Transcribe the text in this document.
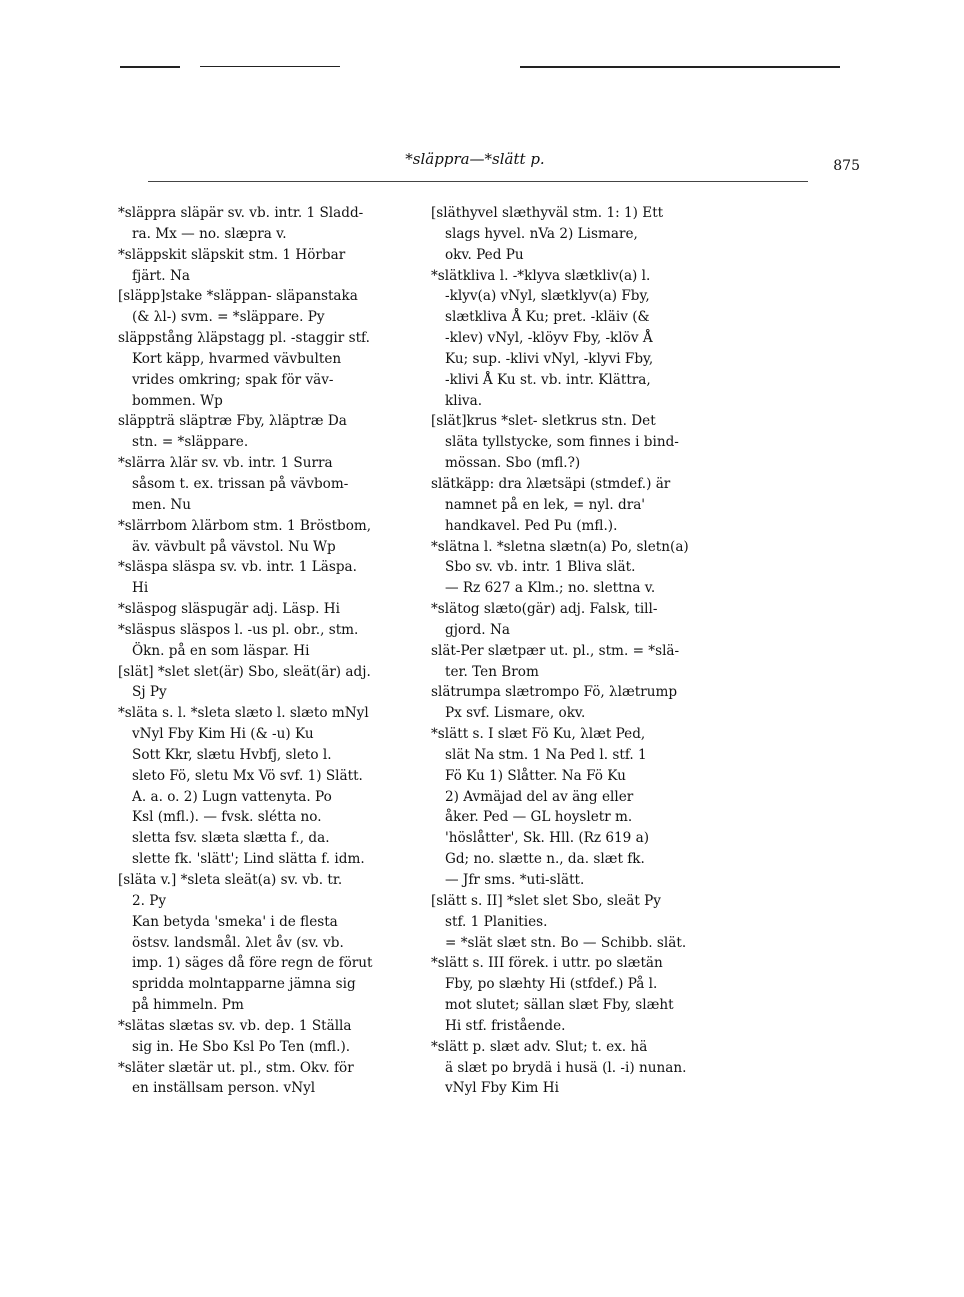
*släppra—*slätt p.	875
*släppra släpär sv. vb. intr. 1 Sladd-
ra. Mx — no. slæpra v.
*släppskit släpskit stm. 1 Hörbar
fjärt. Na
[släpp]stake *släppan- släpanstaka
(& λl-) svm. = *släppare. Py
släppstång λläpstagg pl. -staggir stf.
Kort käpp, hvarmed vävbulten
vrides omkring; spak för väv-
bommen. Wp
släppträ släptræ Fby, λläptræ Da
stn. = *släppare.
*slärra λlär sv. vb. intr. 1 Surra
såsom t. ex. trissan på vävbom-
men. Nu
*slärrbom λlärbom stm. 1 Bröstbom,
äv. vävbult på vävstol. Nu Wp
*släspa släspa sv. vb. intr. 1 Läspa.
Hi
*släspog släspugär adj. Läsp. Hi
*släspus släspos l. -us pl. obr., stm.
Ökn. på en som läspar. Hi
[slät] *slet slet(är) Sbo, sleät(är) adj.
Sj Py
*släta s. l. *sleta slæto l. slæto mNyl
vNyl Fby Kim Hi (& -u) Ku
Sott Kkr, slætu Hvbfj, sleto l.
sleto Fö, sletu Mx Vö svf. 1) Slätt.
A. a. o. 2) Lugn vattenyta. Po
Ksl (mfl.). — fvsk. slétta no.
sletta fsv. slæta slætta f., da.
slette fk. 'slätt'; Lind slätta f. idm.
[släta v.] *sleta sleät(a) sv. vb. tr.
2. Py
Kan betyda 'smeka' i de flesta
östsv. landsmål. λlet åv (sv. vb.
imp. 1) säges då före regn de förut
spridda molntapparne jämna sig
på himmeln. Pm
*slätas slætas sv. vb. dep. 1 Ställa
sig in. He Sbo Ksl Po Ten (mfl.).
*släter slætär ut. pl., stm. Okv. för
en inställsam person. vNyl
[släthyvel slæthyväl stm. 1: 1) Ett
slags hyvel. nVa 2) Lismare,
okv. Ped Pu
*slätkliva l. -*klyva slætkliv(a) l.
-klyv(a) vNyl, slætklyv(a) Fby,
slætkliva Å Ku; pret. -kläiv (&
-klev) vNyl, -klöyv Fby, -klöv Å
Ku; sup. -klivi vNyl, -klyvi Fby,
-klivi Å Ku st. vb. intr. Klättra,
kliva.
[slät]krus *slet- sletkrus stn. Det
släta tyllstycke, som finnes i bind-
mössan. Sbo (mfl.?)
slätkäpp: dra λlætsäpi (stmdef.) är
namnet på en lek, = nyl. dra'
handkavel. Ped Pu (mfl.).
*slätna l. *sletna slætn(a) Po, sletn(a)
Sbo sv. vb. intr. 1 Bliva slät.
— Rz 627 a Klm.; no. slettna v.
*slätog slæto(gär) adj. Falsk, till-
gjord. Na
slät-Per slætpær ut. pl., stm. = *slä-
ter. Ten Brom
slätrumpa slætrompo Fö, λlætrump
Px svf. Lismare, okv.
*slätt s. I slæt Fö Ku, λlæt Ped,
slät Na stm. 1 Na Ped l. stf. 1
Fö Ku 1) Slåtter. Na Fö Ku
2) Avmäjad del av äng eller
åker. Ped — GL hoysletr m.
'höslåtter', Sk. Hll. (Rz 619 a)
Gd; no. slætte n., da. slæt fk.
— Jfr sms. *uti-slätt.
[slätt s. II] *slet slet Sbo, sleät Py
stf. 1 Planities.
= *slät slæt stn. Bo — Schibb. slät.
*slätt s. III förek. i uttr. po slætän
Fby, po slæhty Hi (stfdef.) På l.
mot slutet; sällan slæt Fby, slæht
Hi stf. fristående.
*slätt p. slæt adv. Slut; t. ex. hä
ä slæt po brydä i husä (l. -i) nunan.
vNyl Fby Kim Hi
